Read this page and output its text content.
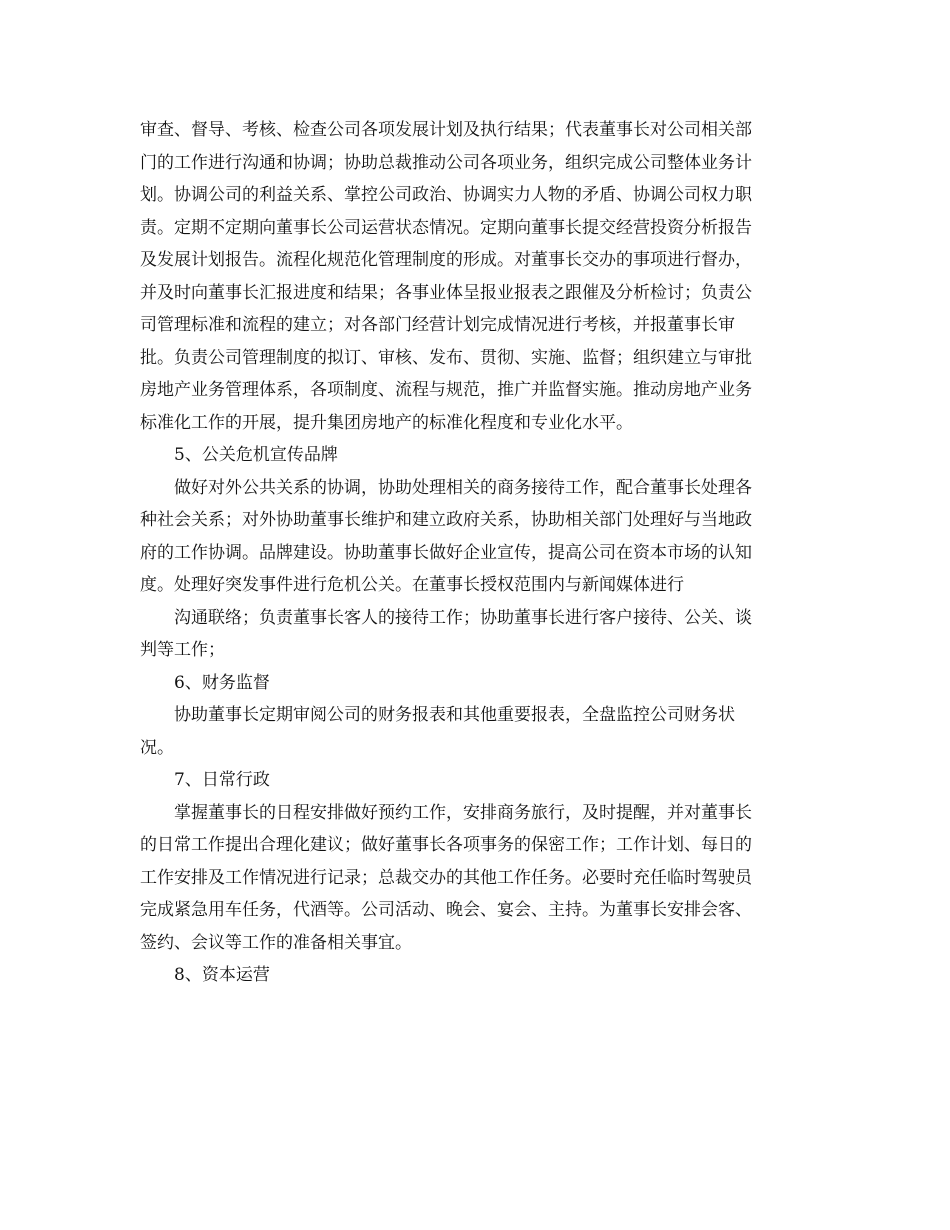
审查、督导、考核、检查公司各项发展计划及执行结果；代表董事长对公司相关部
门的工作进行沟通和协调；协助总裁推动公司各项业务，组织完成公司整体业务计
划。协调公司的利益关系、掌控公司政治、协调实力人物的矛盾、协调公司权力职
责。定期不定期向董事长公司运营状态情况。定期向董事长提交经营投资分析报告
及发展计划报告。流程化规范化管理制度的形成。对董事长交办的事项进行督办，
并及时向董事长汇报进度和结果；各事业体呈报业报表之跟催及分析检讨；负责公
司管理标准和流程的建立；对各部门经营计划完成情况进行考核，并报董事长审
批。负责公司管理制度的拟订、审核、发布、贯彻、实施、监督；组织建立与审批
房地产业务管理体系，各项制度、流程与规范，推广并监督实施。推动房地产业务
标准化工作的开展，提升集团房地产的标准化程度和专业化水平。
5、公关危机宣传品牌
做好对外公共关系的协调，协助处理相关的商务接待工作，配合董事长处理各
种社会关系；对外协助董事长维护和建立政府关系，协助相关部门处理好与当地政
府的工作协调。品牌建设。协助董事长做好企业宣传，提高公司在资本市场的认知
度。处理好突发事件进行危机公关。在董事长授权范围内与新闻媒体进行
沟通联络；负责董事长客人的接待工作；协助董事长进行客户接待、公关、谈
判等工作；
6、财务监督
协助董事长定期审阅公司的财务报表和其他重要报表，全盘监控公司财务状
况。
7、日常行政
掌握董事长的日程安排做好预约工作，安排商务旅行，及时提醒，并对董事长
的日常工作提出合理化建议；做好董事长各项事务的保密工作；工作计划、每日的
工作安排及工作情况进行记录；总裁交办的其他工作任务。必要时充任临时驾驶员
完成紧急用车任务，代酒等。公司活动、晚会、宴会、主持。为董事长安排会客、
签约、会议等工作的准备相关事宜。
8、资本运营
